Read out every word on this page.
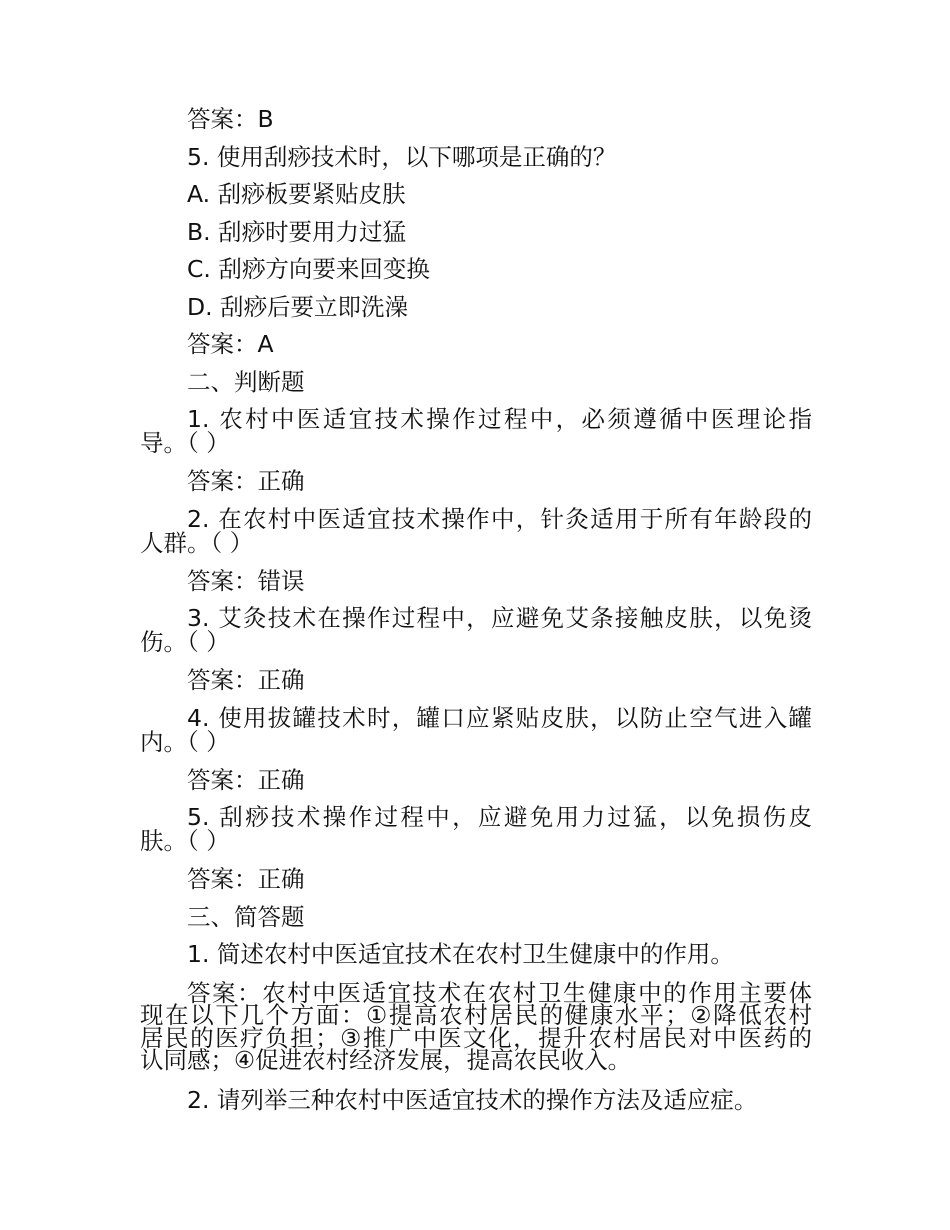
答案：B
5. 使用刮痧技术时，以下哪项是正确的？
A. 刮痧板要紧贴皮肤
B. 刮痧时要用力过猛
C. 刮痧方向要来回变换
D. 刮痧后要立即洗澡
答案：A
二、判断题
1. 农村中医适宜技术操作过程中，必须遵循中医理论指
导。（ ）
答案：正确
2. 在农村中医适宜技术操作中，针灸适用于所有年龄段的
人群。（ ）
答案：错误
3. 艾灸技术在操作过程中，应避免艾条接触皮肤，以免烫
伤。（ ）
答案：正确
4. 使用拔罐技术时，罐口应紧贴皮肤，以防止空气进入罐
内。（ ）
答案：正确
5. 刮痧技术操作过程中，应避免用力过猛，以免损伤皮
肤。（ ）
答案：正确
三、简答题
1. 简述农村中医适宜技术在农村卫生健康中的作用。
答案：农村中医适宜技术在农村卫生健康中的作用主要体
现在以下几个方面：①提高农村居民的健康水平；②降低农村
居民的医疗负担；③推广中医文化，提升农村居民对中医药的
认同感；④促进农村经济发展，提高农民收入。
2. 请列举三种农村中医适宜技术的操作方法及适应症。
